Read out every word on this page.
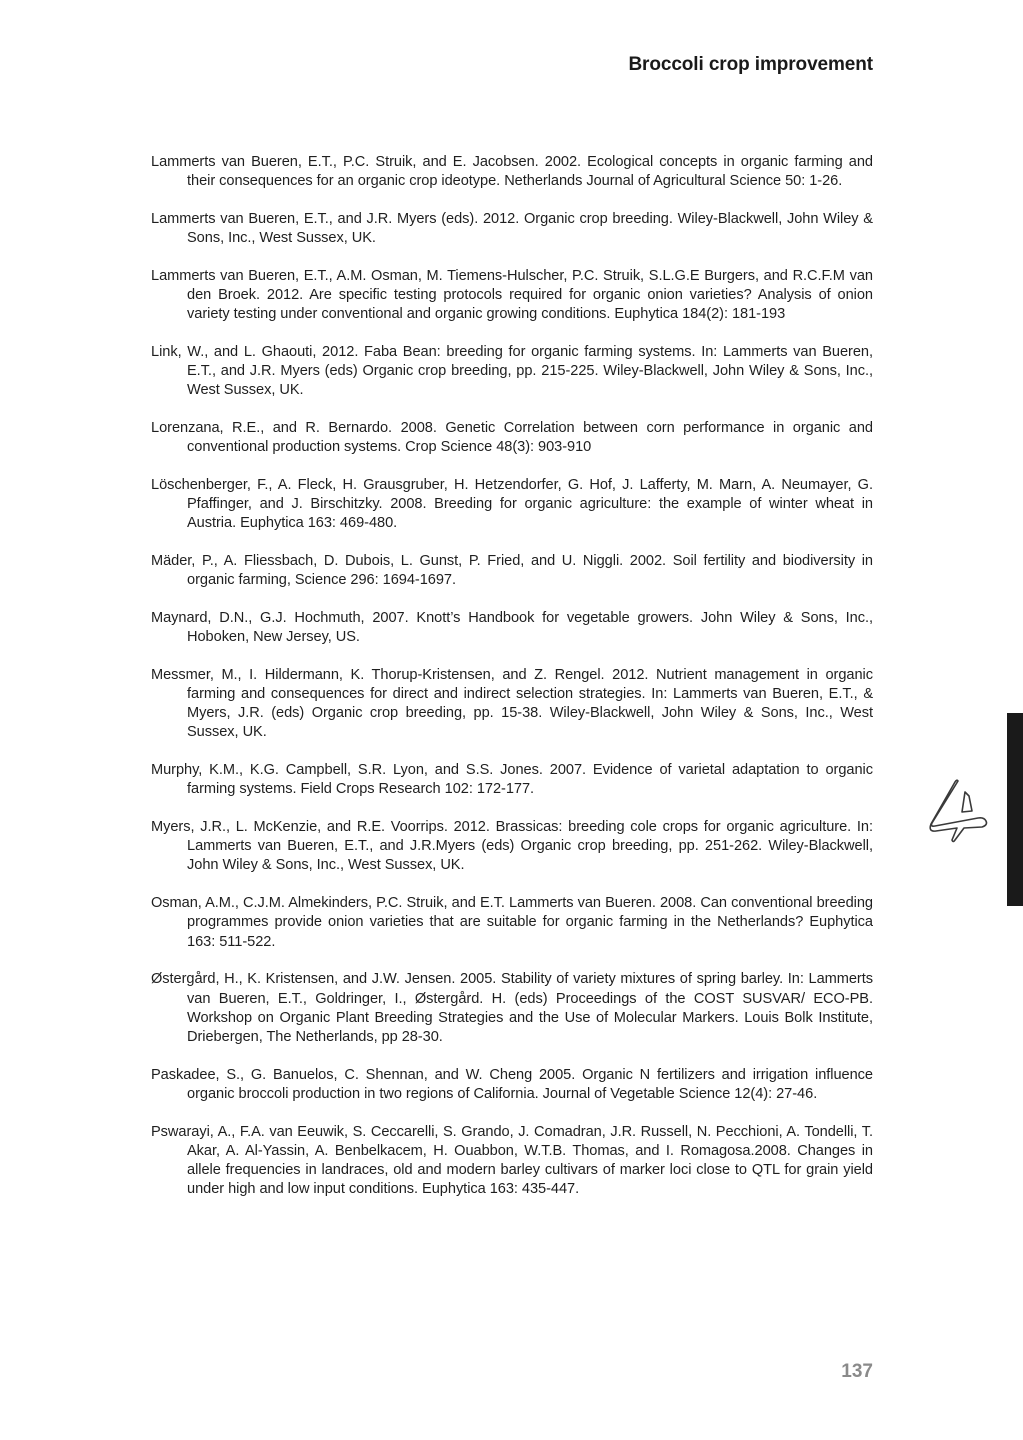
Broccoli crop improvement
Lammerts van Bueren, E.T., P.C. Struik, and E. Jacobsen. 2002. Ecological concepts in organic farming and their consequences for an organic crop ideotype. Netherlands Journal of Agricultural Science 50: 1-26.
Lammerts van Bueren, E.T., and J.R. Myers (eds). 2012. Organic crop breeding. Wiley-Blackwell, John Wiley & Sons, Inc., West Sussex, UK.
Lammerts van Bueren, E.T., A.M. Osman, M. Tiemens-Hulscher, P.C. Struik, S.L.G.E Burgers, and R.C.F.M van den Broek. 2012. Are specific testing protocols required for organic onion varieties? Analysis of onion variety testing under conventional and organic growing conditions. Euphytica 184(2): 181-193
Link, W., and L. Ghaouti, 2012. Faba Bean: breeding for organic farming systems. In: Lammerts van Bueren, E.T., and J.R. Myers (eds) Organic crop breeding, pp. 215-225. Wiley-Blackwell, John Wiley & Sons, Inc., West Sussex, UK.
Lorenzana, R.E., and R. Bernardo. 2008. Genetic Correlation between corn performance in organic and conventional production systems. Crop Science 48(3): 903-910
Löschenberger, F., A. Fleck, H. Grausgruber, H. Hetzendorfer, G. Hof, J. Lafferty, M. Marn, A. Neumayer, G. Pfaffinger, and J. Birschitzky. 2008. Breeding for organic agriculture: the example of winter wheat in Austria. Euphytica 163: 469-480.
Mäder, P., A. Fliessbach, D. Dubois, L. Gunst, P. Fried, and U. Niggli. 2002. Soil fertility and biodiversity in organic farming, Science 296: 1694-1697.
Maynard, D.N., G.J. Hochmuth, 2007. Knott’s Handbook for vegetable growers. John Wiley & Sons, Inc., Hoboken, New Jersey, US.
Messmer, M., I. Hildermann, K. Thorup-Kristensen, and Z. Rengel. 2012. Nutrient management in organic farming and consequences for direct and indirect selection strategies. In: Lammerts van Bueren, E.T., & Myers, J.R. (eds) Organic crop breeding, pp. 15-38. Wiley-Blackwell, John Wiley & Sons, Inc., West Sussex, UK.
Murphy, K.M., K.G. Campbell, S.R. Lyon, and S.S. Jones. 2007. Evidence of varietal adaptation to organic farming systems. Field Crops Research 102: 172-177.
Myers, J.R., L. McKenzie, and R.E. Voorrips. 2012. Brassicas: breeding cole crops for organic agriculture. In: Lammerts van Bueren, E.T., and J.R.Myers (eds) Organic crop breeding, pp. 251-262. Wiley-Blackwell, John Wiley & Sons, Inc., West Sussex, UK.
Osman, A.M., C.J.M. Almekinders, P.C. Struik, and E.T. Lammerts van Bueren. 2008. Can conventional breeding programmes provide onion varieties that are suitable for organic farming in the Netherlands? Euphytica 163: 511-522.
Østergård, H., K. Kristensen, and J.W. Jensen. 2005. Stability of variety mixtures of spring barley. In: Lammerts van Bueren, E.T., Goldringer, I., Østergård. H. (eds) Proceedings of the COST SUSVAR/ ECO-PB. Workshop on Organic Plant Breeding Strategies and the Use of Molecular Markers. Louis Bolk Institute, Driebergen, The Netherlands, pp 28-30.
Paskadee, S., G. Banuelos, C. Shennan, and W. Cheng 2005. Organic N fertilizers and irrigation influence organic broccoli production in two regions of California. Journal of Vegetable Science 12(4): 27-46.
Pswarayi, A., F.A. van Eeuwik, S. Ceccarelli, S. Grando, J. Comadran, J.R. Russell, N. Pecchioni, A. Tondelli, T. Akar, A. Al-Yassin, A. Benbelkacem, H. Ouabbon, W.T.B. Thomas, and I. Romagosa.2008. Changes in allele frequencies in landraces, old and modern barley cultivars of marker loci close to QTL for grain yield under high and low input conditions. Euphytica 163: 435-447.
137
